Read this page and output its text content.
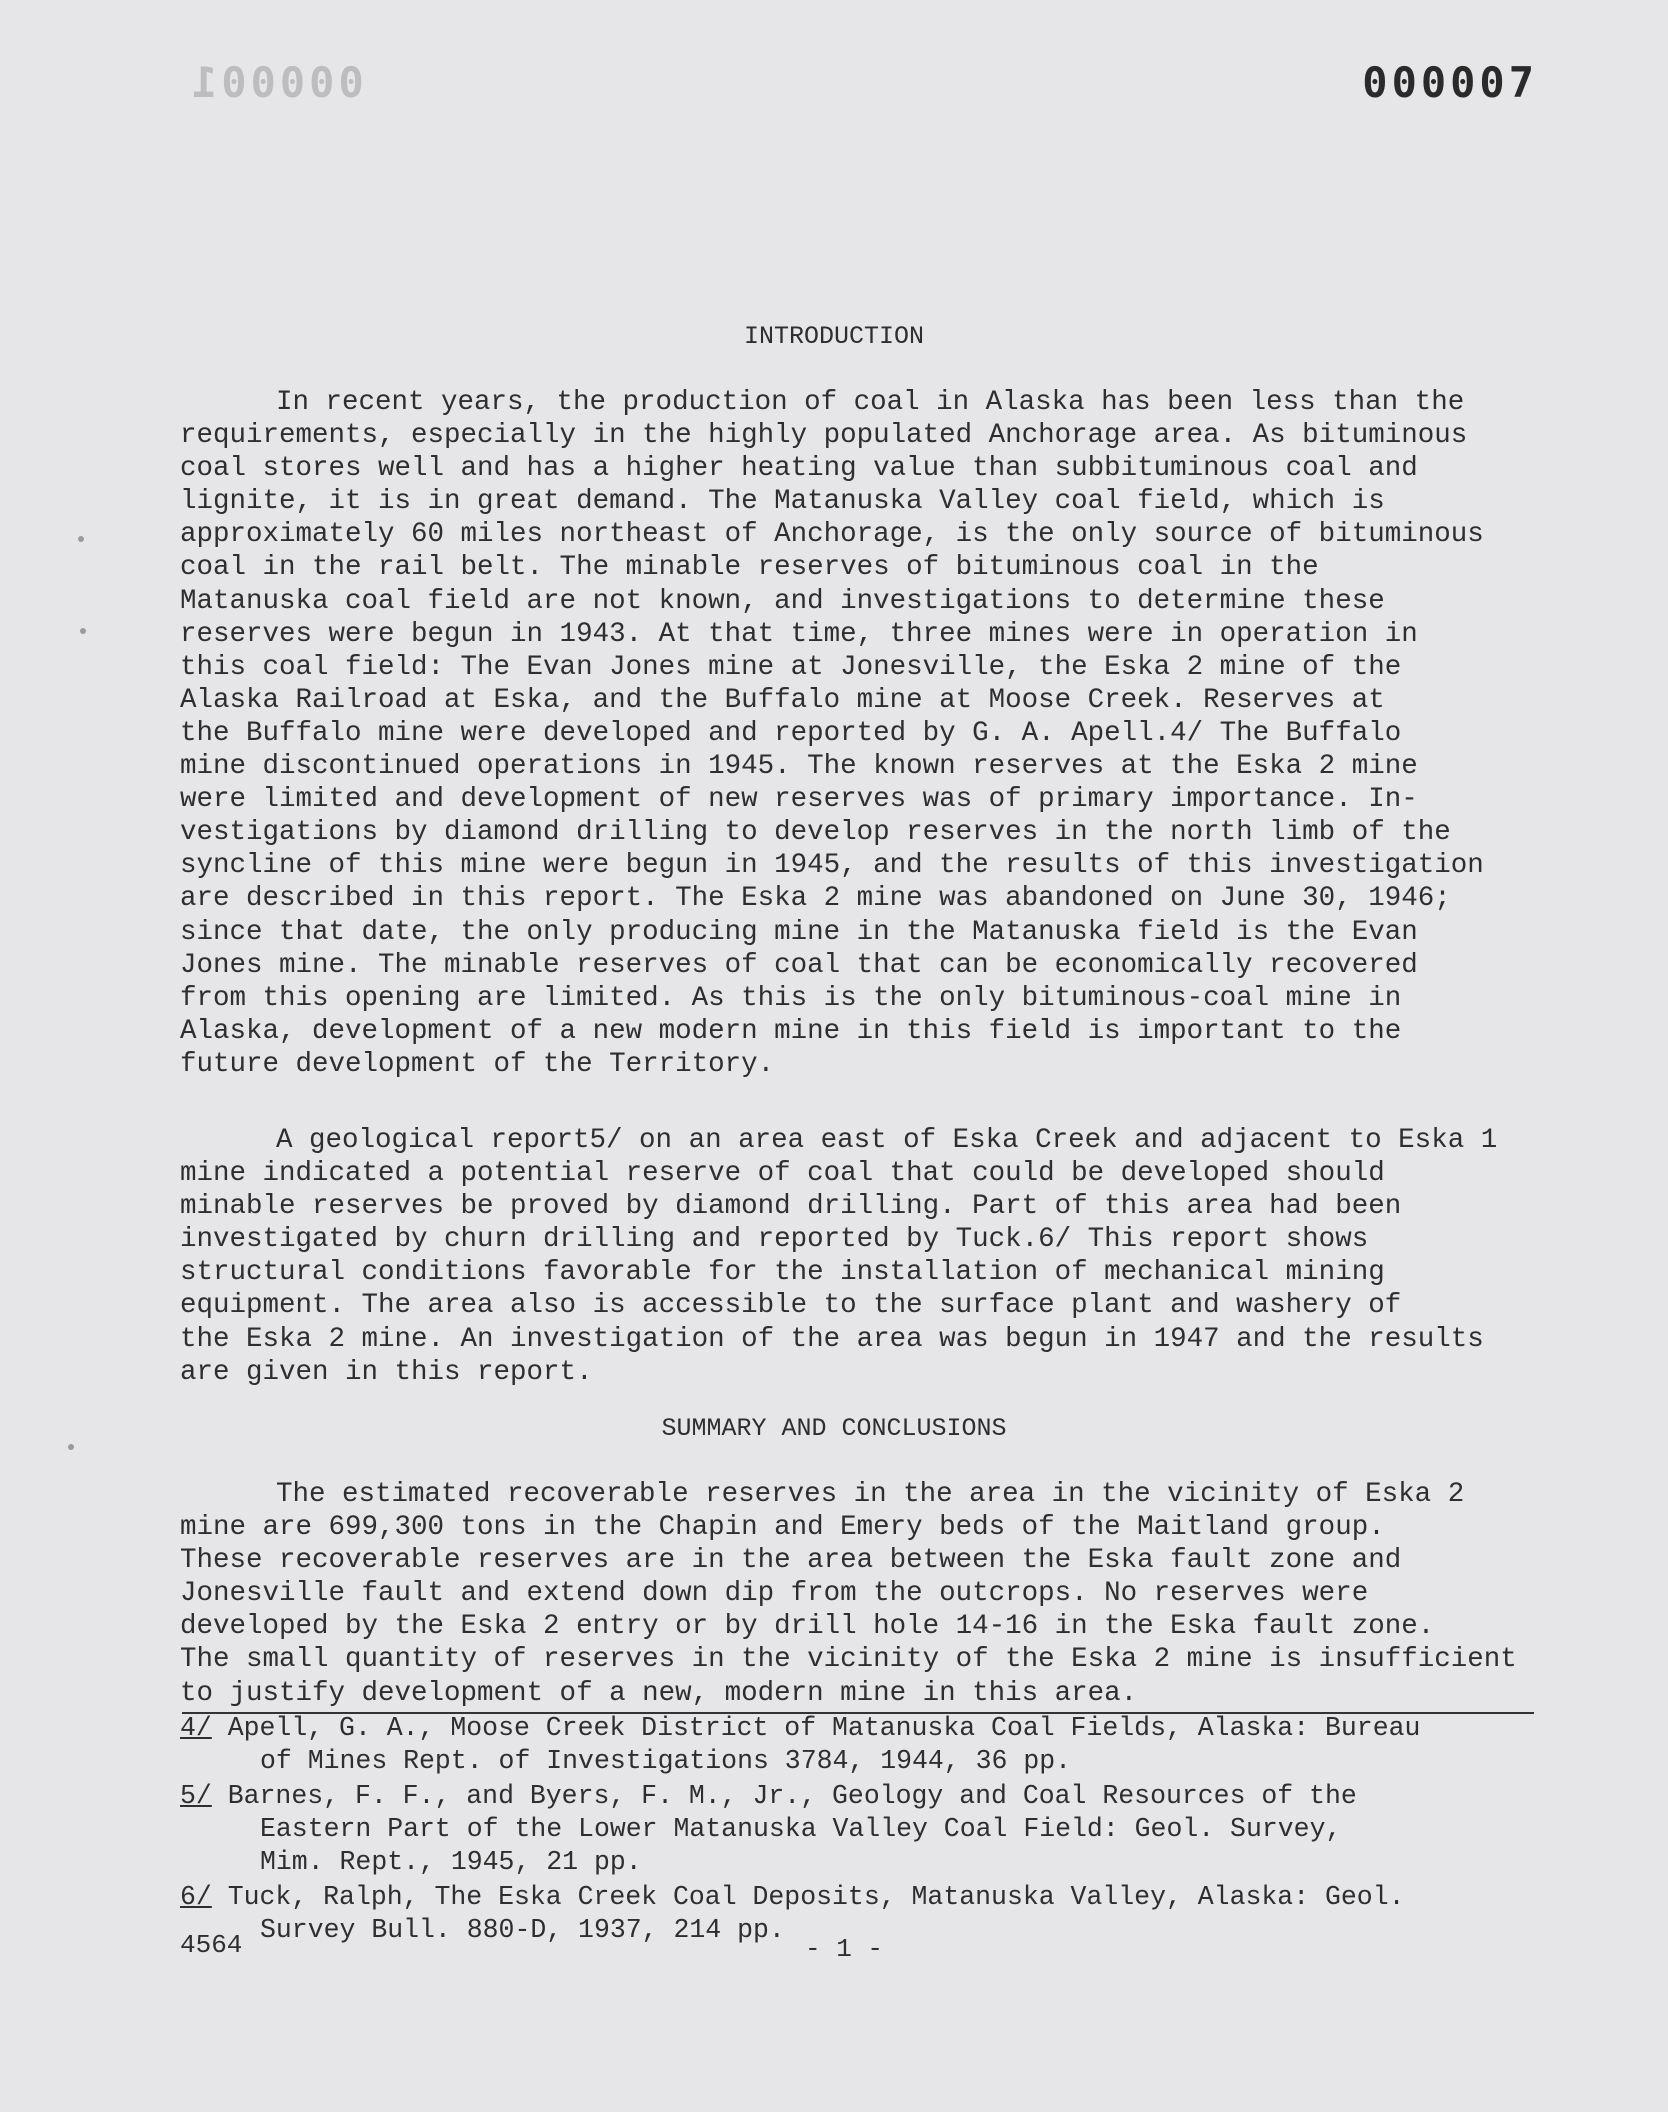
000001	000007
INTRODUCTION
In recent years, the production of coal in Alaska has been less than the
requirements, especially in the highly populated Anchorage area. As bituminous
coal stores well and has a higher heating value than subbituminous coal and
lignite, it is in great demand. The Matanuska Valley coal field, which is
approximately 60 miles northeast of Anchorage, is the only source of bituminous
coal in the rail belt. The minable reserves of bituminous coal in the
Matanuska coal field are not known, and investigations to determine these
reserves were begun in 1943. At that time, three mines were in operation in
this coal field: The Evan Jones mine at Jonesville, the Eska 2 mine of the
Alaska Railroad at Eska, and the Buffalo mine at Moose Creek. Reserves at
the Buffalo mine were developed and reported by G. A. Apell.4/ The Buffalo
mine discontinued operations in 1945. The known reserves at the Eska 2 mine
were limited and development of new reserves was of primary importance. In-
vestigations by diamond drilling to develop reserves in the north limb of the
syncline of this mine were begun in 1945, and the results of this investigation
are described in this report. The Eska 2 mine was abandoned on June 30, 1946;
since that date, the only producing mine in the Matanuska field is the Evan
Jones mine. The minable reserves of coal that can be economically recovered
from this opening are limited. As this is the only bituminous-coal mine in
Alaska, development of a new modern mine in this field is important to the
future development of the Territory.
A geological report5/ on an area east of Eska Creek and adjacent to Eska 1
mine indicated a potential reserve of coal that could be developed should
minable reserves be proved by diamond drilling. Part of this area had been
investigated by churn drilling and reported by Tuck.6/ This report shows
structural conditions favorable for the installation of mechanical mining
equipment. The area also is accessible to the surface plant and washery of
the Eska 2 mine. An investigation of the area was begun in 1947 and the results
are given in this report.
SUMMARY AND CONCLUSIONS
The estimated recoverable reserves in the area in the vicinity of Eska 2
mine are 699,300 tons in the Chapin and Emery beds of the Maitland group.
These recoverable reserves are in the area between the Eska fault zone and
Jonesville fault and extend down dip from the outcrops. No reserves were
developed by the Eska 2 entry or by drill hole 14-16 in the Eska fault zone.
The small quantity of reserves in the vicinity of the Eska 2 mine is insufficient
to justify development of a new, modern mine in this area.
4/ Apell, G. A., Moose Creek District of Matanuska Coal Fields, Alaska: Bureau
of Mines Rept. of Investigations 3784, 1944, 36 pp.
5/ Barnes, F. F., and Byers, F. M., Jr., Geology and Coal Resources of the
Eastern Part of the Lower Matanuska Valley Coal Field: Geol. Survey,
Mim. Rept., 1945, 21 pp.
6/ Tuck, Ralph, The Eska Creek Coal Deposits, Matanuska Valley, Alaska: Geol.
Survey Bull. 880-D, 1937, 214 pp.
4564	- 1 -
